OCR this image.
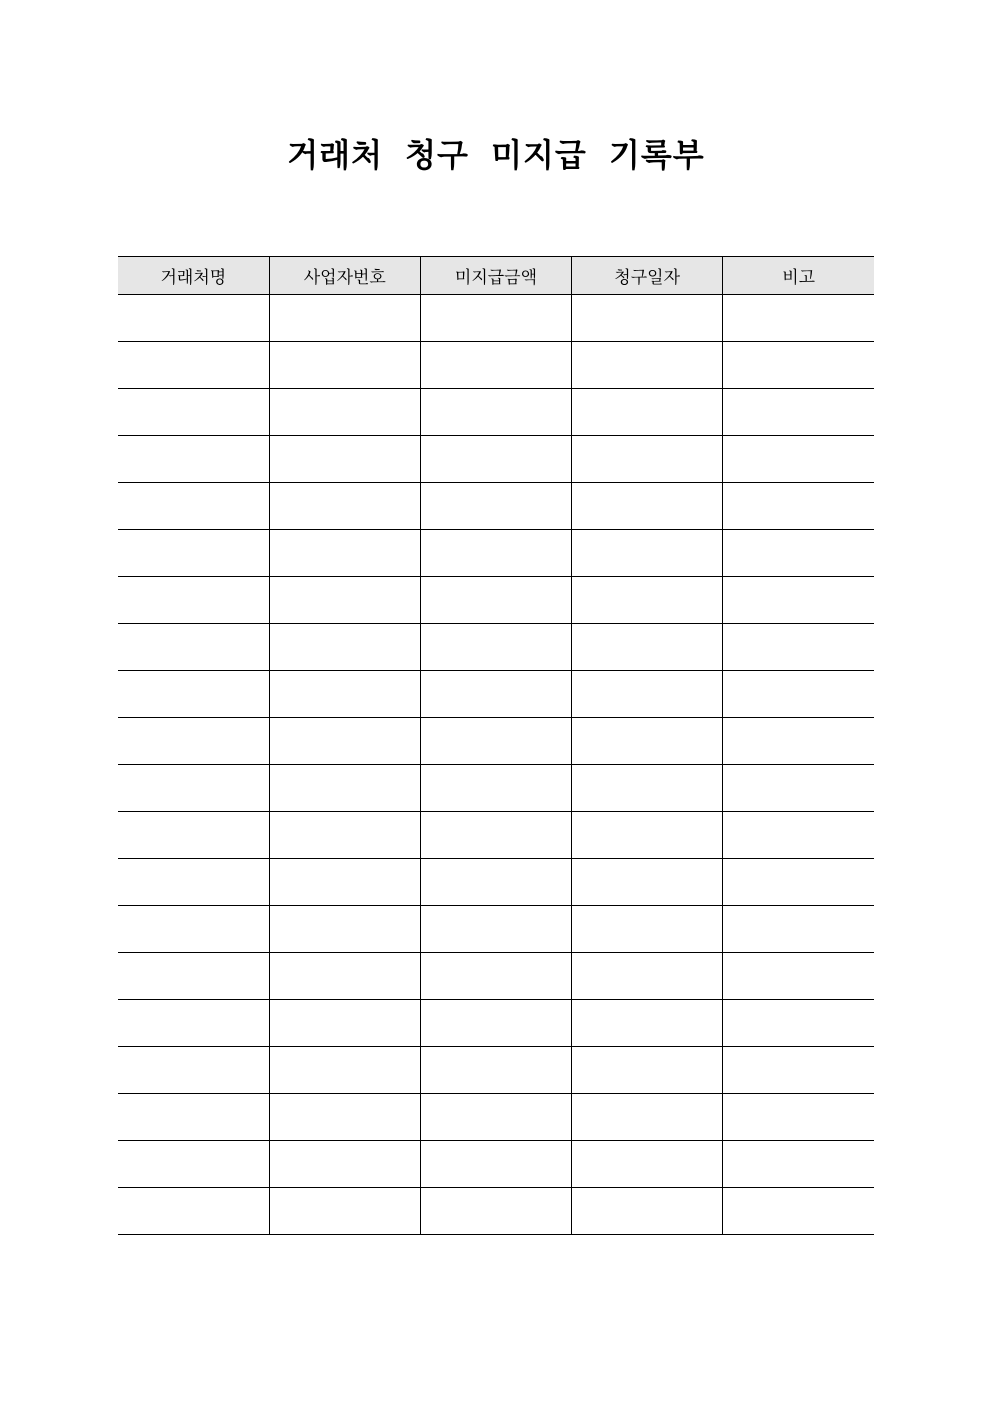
거래처 청구 미지급 기록부
거래처명	사업자번호	미지급금액	청구일자	비고
